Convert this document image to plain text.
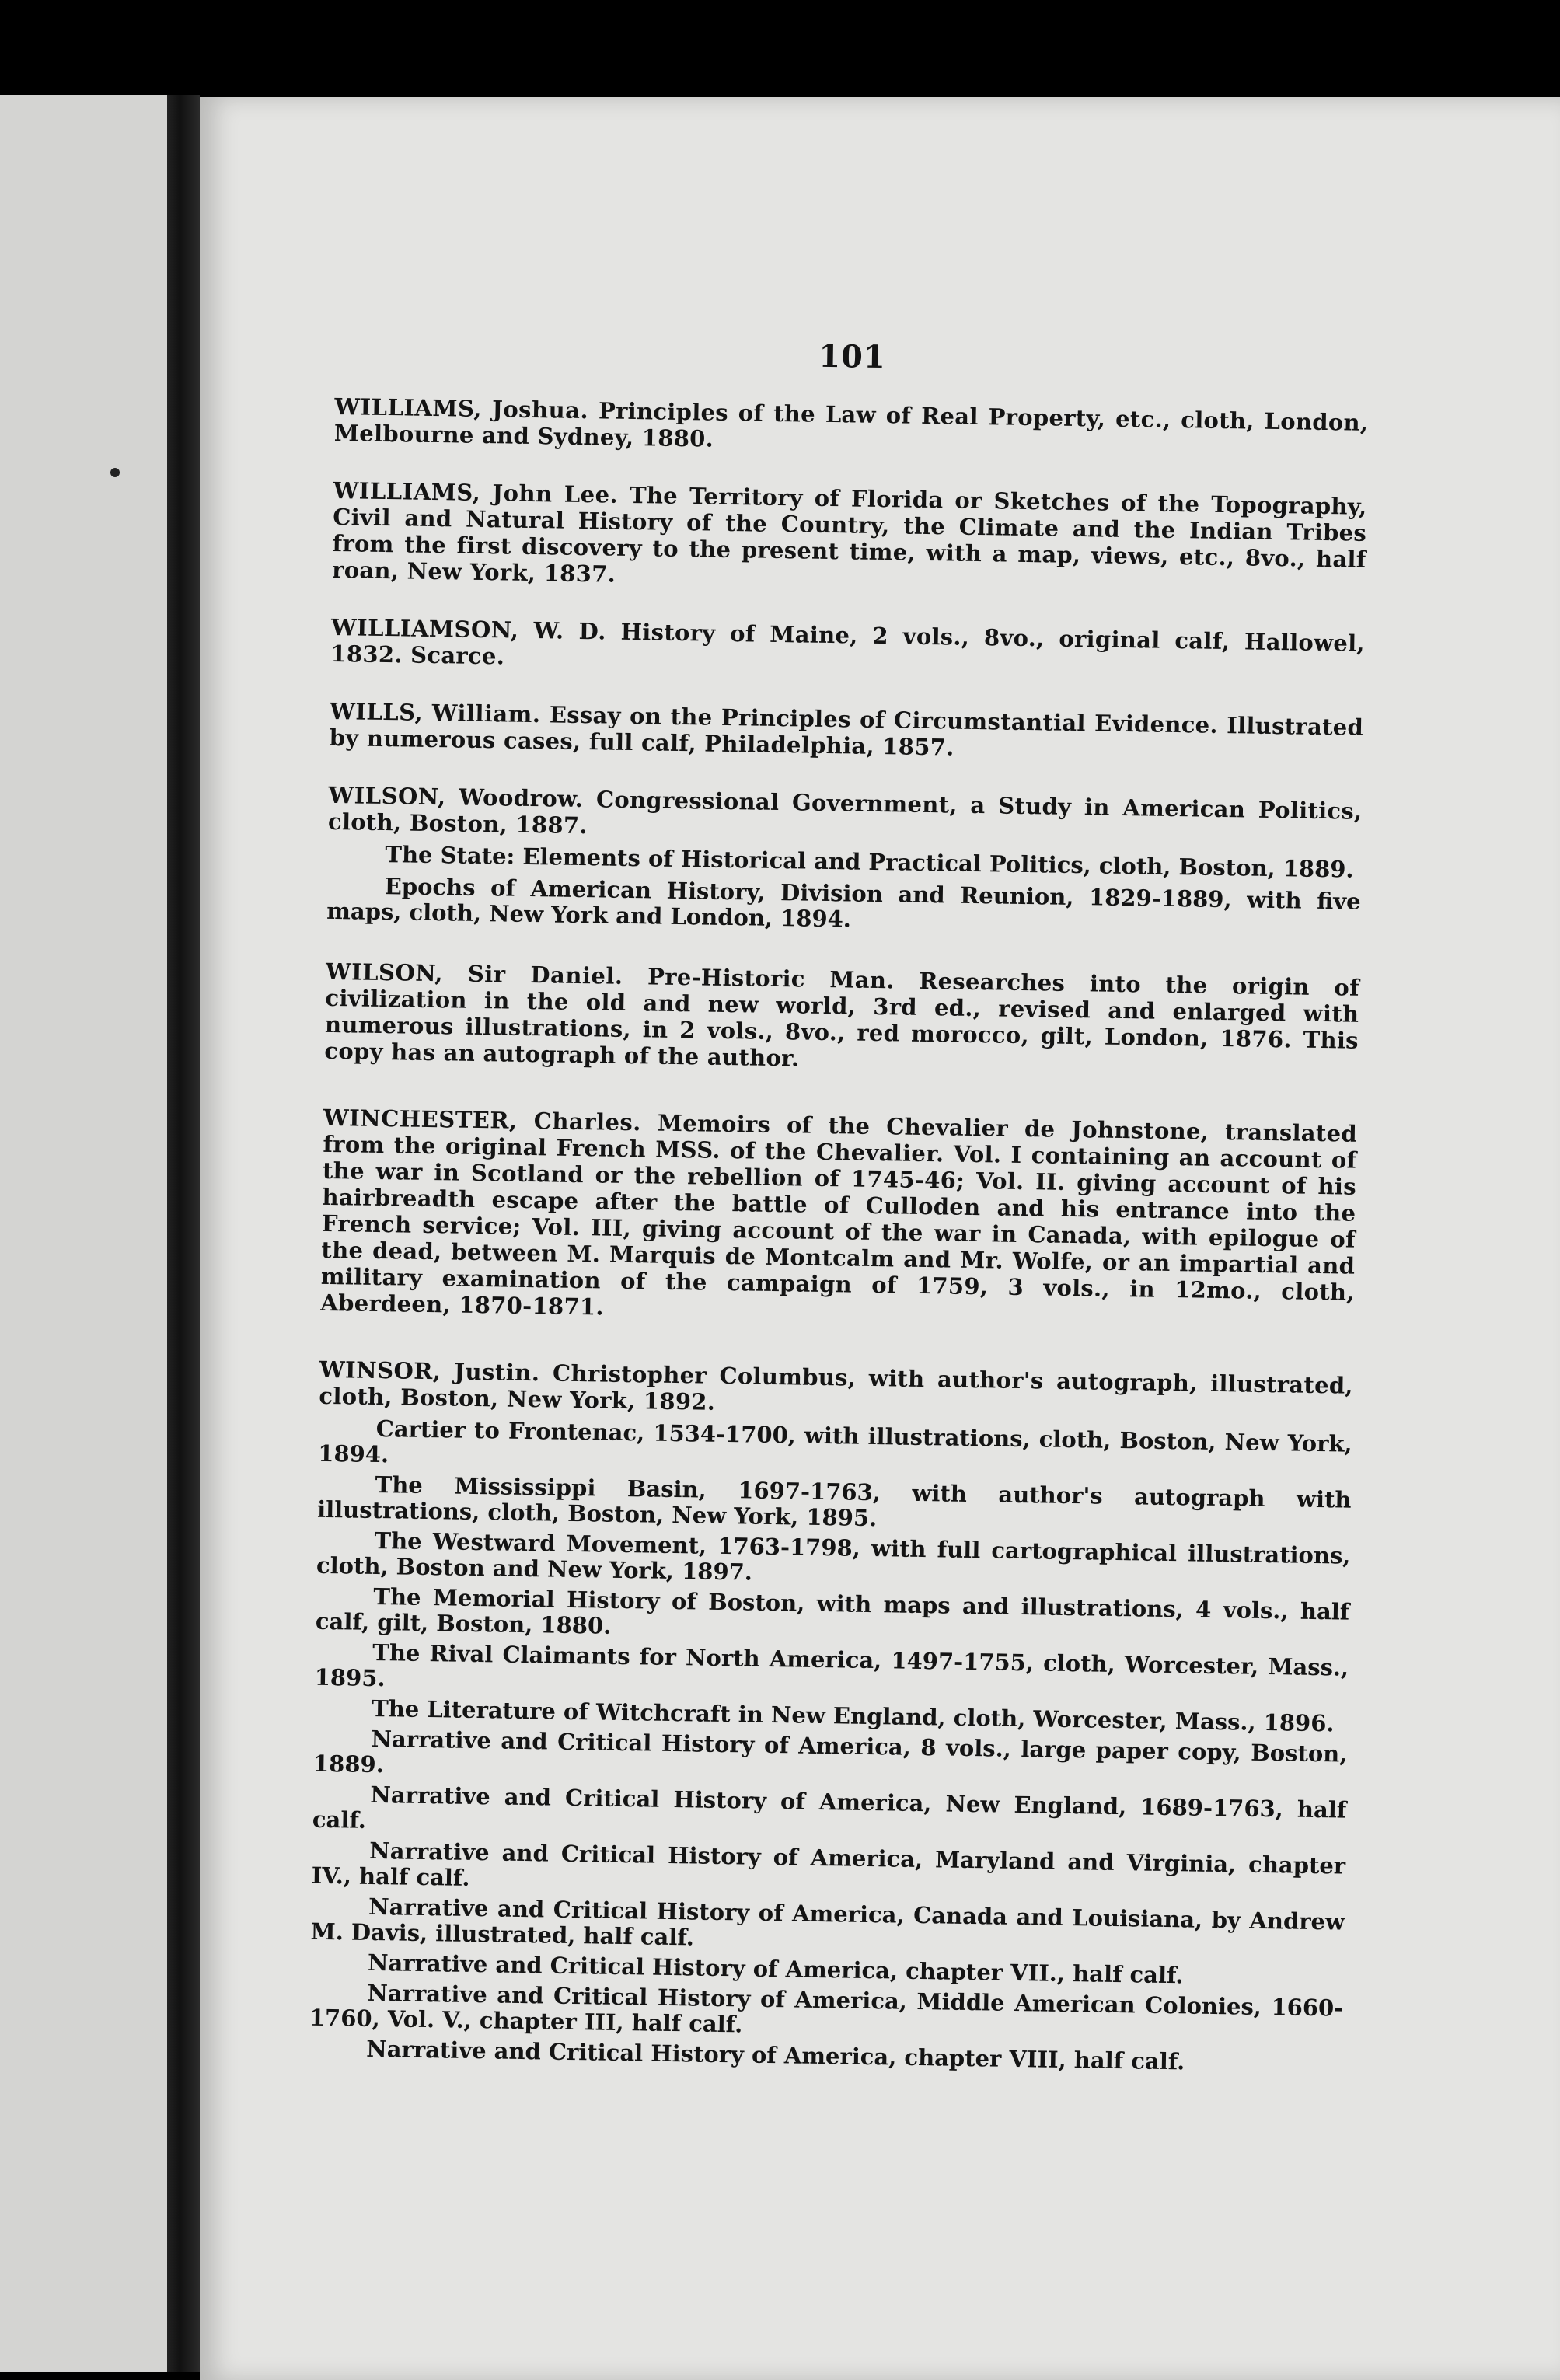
101

WILLIAMS, Joshua. Principles of the Law of Real Property, etc., cloth, London, Melbourne and Sydney, 1880.

WILLIAMS, John Lee. The Territory of Florida or Sketches of the Topography, Civil and Natural History of the Country, the Climate and the Indian Tribes from the first discovery to the present time, with a map, views, etc., 8vo., half roan, New York, 1837.

WILLIAMSON, W. D. History of Maine, 2 vols., 8vo., original calf, Hallowel, 1832. Scarce.

WILLS, William. Essay on the Principles of Circumstantial Evidence. Illustrated by numerous cases, full calf, Philadelphia, 1857.

WILSON, Woodrow. Congressional Government, a Study in American Politics, cloth, Boston, 1887.

The State: Elements of Historical and Practical Politics, cloth, Boston, 1889.

Epochs of American History, Division and Reunion, 1829-1889, with five maps, cloth, New York and London, 1894.

WILSON, Sir Daniel. Pre-Historic Man. Researches into the origin of civilization in the old and new world, 3rd ed., revised and enlarged with numerous illustrations, in 2 vols., 8vo., red morocco, gilt, London, 1876. This copy has an autograph of the author.

WINCHESTER, Charles. Memoirs of the Chevalier de Johnstone, translated from the original French MSS. of the Chevalier. Vol. I containing an account of the war in Scotland or the rebellion of 1745-46; Vol. II. giving account of his hairbreadth escape after the battle of Culloden and his entrance into the French service; Vol. III, giving account of the war in Canada, with epilogue of the dead, between M. Marquis de Montcalm and Mr. Wolfe, or an impartial and military examination of the campaign of 1759, 3 vols., in 12mo., cloth, Aberdeen, 1870-1871.

WINSOR, Justin. Christopher Columbus, with author's autograph, illustrated, cloth, Boston, New York, 1892.

Cartier to Frontenac, 1534-1700, with illustrations, cloth, Boston, New York, 1894.

The Mississippi Basin, 1697-1763, with author's autograph with illustrations, cloth, Boston, New York, 1895.

The Westward Movement, 1763-1798, with full cartographical illustrations, cloth, Boston and New York, 1897.

The Memorial History of Boston, with maps and illustrations, 4 vols., half calf, gilt, Boston, 1880.

The Rival Claimants for North America, 1497-1755, cloth, Worcester, Mass., 1895.

The Literature of Witchcraft in New England, cloth, Worcester, Mass., 1896.

Narrative and Critical History of America, 8 vols., large paper copy, Boston, 1889.

Narrative and Critical History of America, New England, 1689-1763, half calf.

Narrative and Critical History of America, Maryland and Virginia, chapter IV., half calf.

Narrative and Critical History of America, Canada and Louisiana, by Andrew M. Davis, illustrated, half calf.

Narrative and Critical History of America, chapter VII., half calf.

Narrative and Critical History of America, Middle American Colonies, 1660-1760, Vol. V., chapter III, half calf.

Narrative and Critical History of America, chapter VIII, half calf.
